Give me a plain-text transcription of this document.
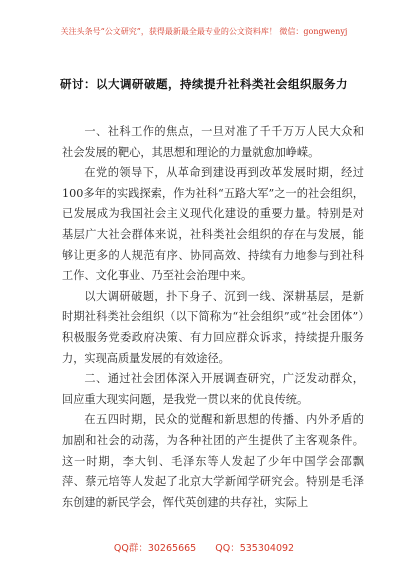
关注头条号“公文研究”，获得最新最全最专业的公文资料库！ 微信：gongwenyj
研讨：以大调研破题，持续提升社科类社会组织服务力

一、社科工作的焦点，一旦对准了千千万万人民大众和社会发展的靶心，其思想和理论的力量就愈加峥嵘。

在党的领导下，从革命到建设再到改革发展时期，经过100多年的实践探索，作为社科“五路大军”之一的社会组织，已发展成为我国社会主义现代化建设的重要力量。特别是对基层广大社会群体来说，社科类社会组织的存在与发展，能够让更多的人规范有序、协同高效、持续有力地参与到社科工作、文化事业、乃至社会治理中来。

以大调研破题，扑下身子、沉到一线、深耕基层，是新时期社科类社会组织（以下简称为“社会组织”或“社会团体”）积极服务党委政府决策、有力回应群众诉求，持续提升服务力，实现高质量发展的有效途径。

二、通过社会团体深入开展调查研究，广泛发动群众，回应重大现实问题，是我党一贯以来的优良传统。

在五四时期，民众的觉醒和新思想的传播、内外矛盾的加剧和社会的动荡，为各种社团的产生提供了主客观条件。这一时期，李大钊、毛泽东等人发起了少年中国学会邵飘萍、蔡元培等人发起了北京大学新闻学研究会。特别是毛泽东创建的新民学会，恽代英创建的共存社，实际上

QQ群：30265665 QQ：535304092
